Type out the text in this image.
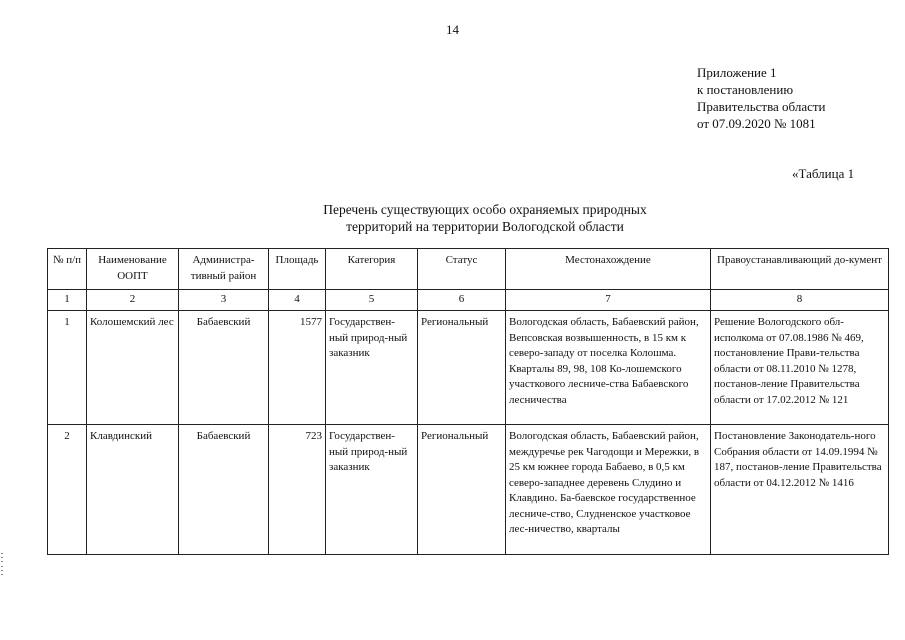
14
Приложение 1
к постановлению
Правительства области
от 07.09.2020 № 1081
«Таблица 1
Перечень существующих особо охраняемых природных
территорий на территории Вологодской области
№ п/п	Наименование ООПТ	Администра-тивный район	Площадь	Категория	Статус	Местонахождение	Правоустанавливающий до-кумент
1	2	3	4	5	6	7	8
1	Колошемский лес	Бабаевский	1577	Государствен-ный природ-ный заказник	Региональный	Вологодская область, Бабаевский район, Вепсовская возвышенность, в 15 км к северо-западу от поселка Колошма. Кварталы 89, 98, 108 Ко-лошемского участкового лесниче-ства Бабаевского лесничества	Решение Вологодского обл-исполкома от 07.08.1986 № 469, постановление Прави-тельства области от 08.11.2010 № 1278, постанов-ление Правительства области от 17.02.2012 № 121
2	Клавдинский	Бабаевский	723	Государствен-ный природ-ный заказник	Региональный	Вологодская область, Бабаевский район, междуречье рек Чагодощи и Мережки, в 25 км южнее города Бабаево, в 0,5 км северо-западнее деревень Слудино и Клавдино. Ба-баевское государственное лесниче-ство, Слудненское участковое лес-ничество, кварталы	Постановление Законодатель-ного Собрания области от 14.09.1994 № 187, постанов-ление Правительства области от 04.12.2012 № 1416
